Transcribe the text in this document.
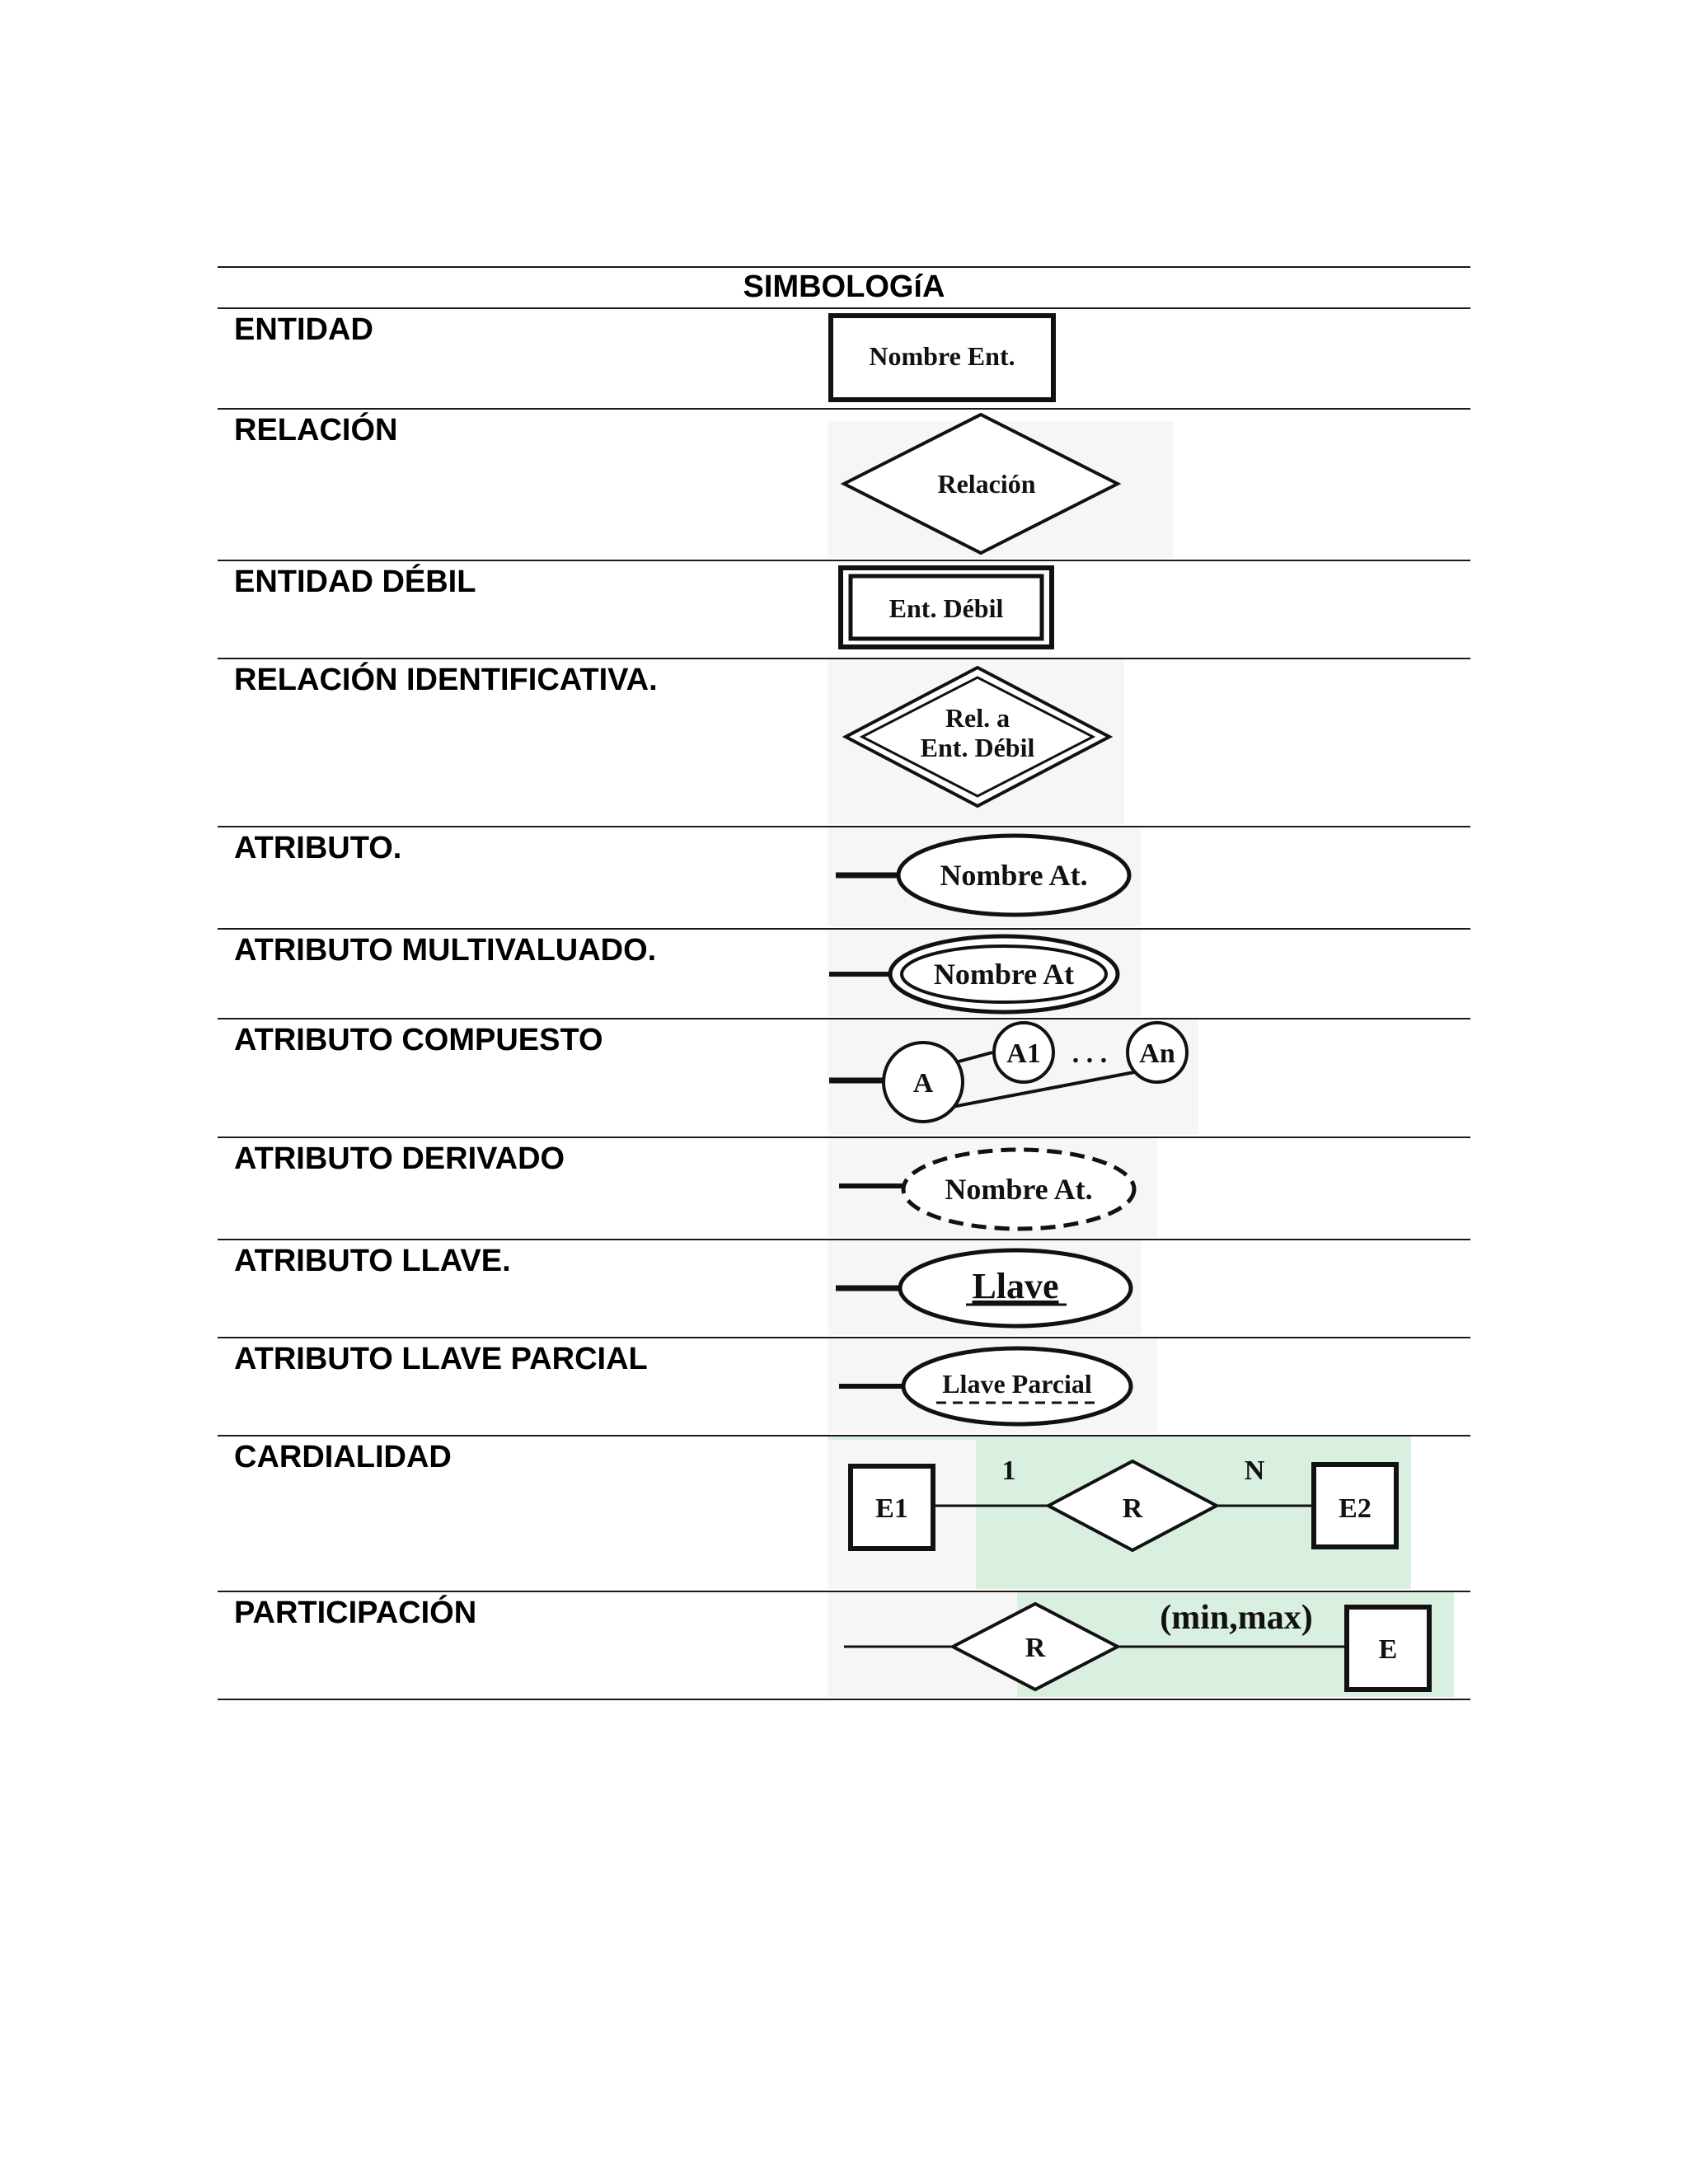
SIMBOLOGíA
ENTIDAD
Nombre Ent.
RELACIÓN
Relación
ENTIDAD DÉBIL
Ent. Débil
RELACIÓN IDENTIFICATIVA.
Rel. a
Ent. Débil
ATRIBUTO.
Nombre At.
ATRIBUTO MULTIVALUADO.
Nombre At
ATRIBUTO COMPUESTO
A
A1 . . . An
ATRIBUTO DERIVADO
Nombre At.
ATRIBUTO LLAVE.
Llave
ATRIBUTO LLAVE PARCIAL
Llave Parcial
CARDIALIDAD
E1
1
R
N
E2
PARTICIPACIÓN
R
(min,max)
E
